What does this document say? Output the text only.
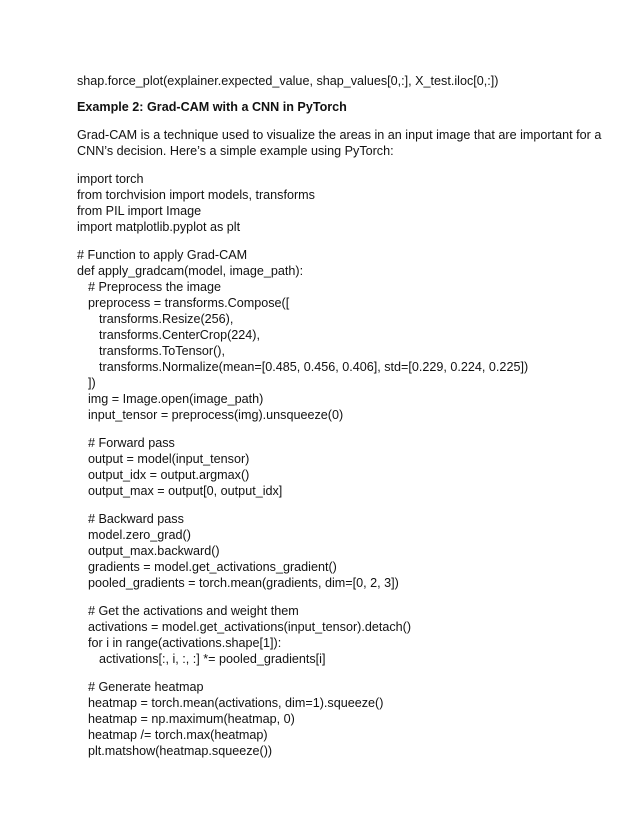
shap.force_plot(explainer.expected_value, shap_values[0,:], X_test.iloc[0,:])

Example 2: Grad-CAM with a CNN in PyTorch

Grad-CAM is a technique used to visualize the areas in an input image that are important for a

CNN’s decision. Here’s a simple example using PyTorch:

import torch

from torchvision import models, transforms

from PIL import Image

import matplotlib.pyplot as plt

# Function to apply Grad-CAM

def apply_gradcam(model, image_path):

# Preprocess the image

preprocess = transforms.Compose([

transforms.Resize(256),

transforms.CenterCrop(224),

transforms.ToTensor(),

transforms.Normalize(mean=[0.485, 0.456, 0.406], std=[0.229, 0.224, 0.225])

])

img = Image.open(image_path)

input_tensor = preprocess(img).unsqueeze(0)

# Forward pass

output = model(input_tensor)

output_idx = output.argmax()

output_max = output[0, output_idx]

# Backward pass

model.zero_grad()

output_max.backward()

gradients = model.get_activations_gradient()

pooled_gradients = torch.mean(gradients, dim=[0, 2, 3])

# Get the activations and weight them

activations = model.get_activations(input_tensor).detach()

for i in range(activations.shape[1]):

activations[:, i, :, :] *= pooled_gradients[i]

# Generate heatmap

heatmap = torch.mean(activations, dim=1).squeeze()

heatmap = np.maximum(heatmap, 0)

heatmap /= torch.max(heatmap)

plt.matshow(heatmap.squeeze())
